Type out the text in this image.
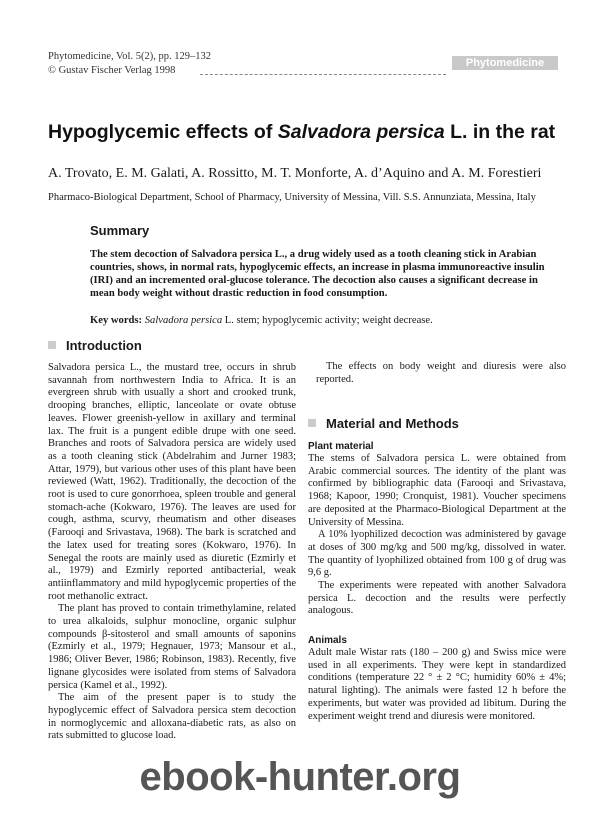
Phytomedicine, Vol. 5(2), pp. 129–132
© Gustav Fischer Verlag 1998
Phytomedicine
Hypoglycemic effects of Salvadora persica L. in the rat
A. Trovato, E. M. Galati, A. Rossitto, M. T. Monforte, A. d’Aquino and A. M. Forestieri
Pharmaco-Biological Department, School of Pharmacy, University of Messina, Vill. S.S. Annunziata, Messina, Italy
Summary
The stem decoction of Salvadora persica L., a drug widely used as a tooth cleaning stick in Arabian
countries, shows, in normal rats, hypoglycemic effects, an increase in plasma immunoreactive insulin
(IRI) and an incremented oral-glucose tolerance. The decoction also causes a significant decrease in
mean body weight without drastic reduction in food consumption.
Key words: Salvadora persica L. stem; hypoglycemic activity; weight decrease.
Introduction

Salvadora persica L., the mustard tree, occurs in shrub savannah from northwestern India to Africa. It is an evergreen shrub with usually a short and crooked trunk, drooping branches, elliptic, lanceolate or ovate obtuse leaves. Flower greenish-yellow in axillary and terminal lax. The fruit is a pungent edible drupe with one seed. Branches and roots of Salvadora persica are widely used as a tooth cleaning stick (Abdelrahim and Jurner 1983; Attar, 1979), but various other uses of this plant have been reviewed (Watt, 1962). Traditionally, the decoction of the root is used to cure gonorrhoea, spleen trouble and general stomach-ache (Kokwaro, 1976). The leaves are used for cough, asthma, scurvy, rheumatism and other diseases (Farooqi and Srivastava, 1968). The bark is scratched and the latex used for treating sores (Kokwaro, 1976). In Senegal the roots are mainly used as diuretic (Ezmirly et al., 1979) and Ezmirly reported antibacterial, weak antiinflammatory and mild hypoglycemic properties of the root methanolic extract.

The plant has proved to contain trimethylamine, related to urea alkaloids, sulphur monocline, organic sulphur compounds β-sitosterol and small amounts of saponins (Ezmirly et al., 1979; Hegnauer, 1973; Mansour et al., 1986; Oliver Bever, 1986; Robinson, 1983). Recently, five lignane glycosides were isolated from stems of Salvadora persica (Kamel et al., 1992).

The aim of the present paper is to study the hypoglycemic effect of Salvadora persica stem decoction in normoglycemic and alloxana-diabetic rats, as also on rats submitted to glucose load.

The effects on body weight and diuresis were also reported.

Material and Methods
Plant material

The stems of Salvadora persica L. were obtained from Arabic commercial sources. The identity of the plant was confirmed by bibliographic data (Farooqi and Srivastava, 1968; Kapoor, 1990; Cronquist, 1981). Voucher specimens are deposited at the Pharmaco-Biological Department at the University of Messina.

A 10% lyophilized decoction was administered by gavage at doses of 300 mg/kg and 500 mg/kg, dissolved in water. The quantity of lyophilized obtained from 100 g of drug was 9,6 g.

The experiments were repeated with another Salvadora persica L. decoction and the results were perfectly analogous.

Animals

Adult male Wistar rats (180 – 200 g) and Swiss mice were used in all experiments. They were kept in standardized conditions (temperature 22 ° ± 2 °C; humidity 60% ± 4%; natural lighting). The animals were fasted 12 h before the experiments, but water was provided ad libitum. During the experiment weight trend and diuresis were monitored.

ebook-hunter.org
